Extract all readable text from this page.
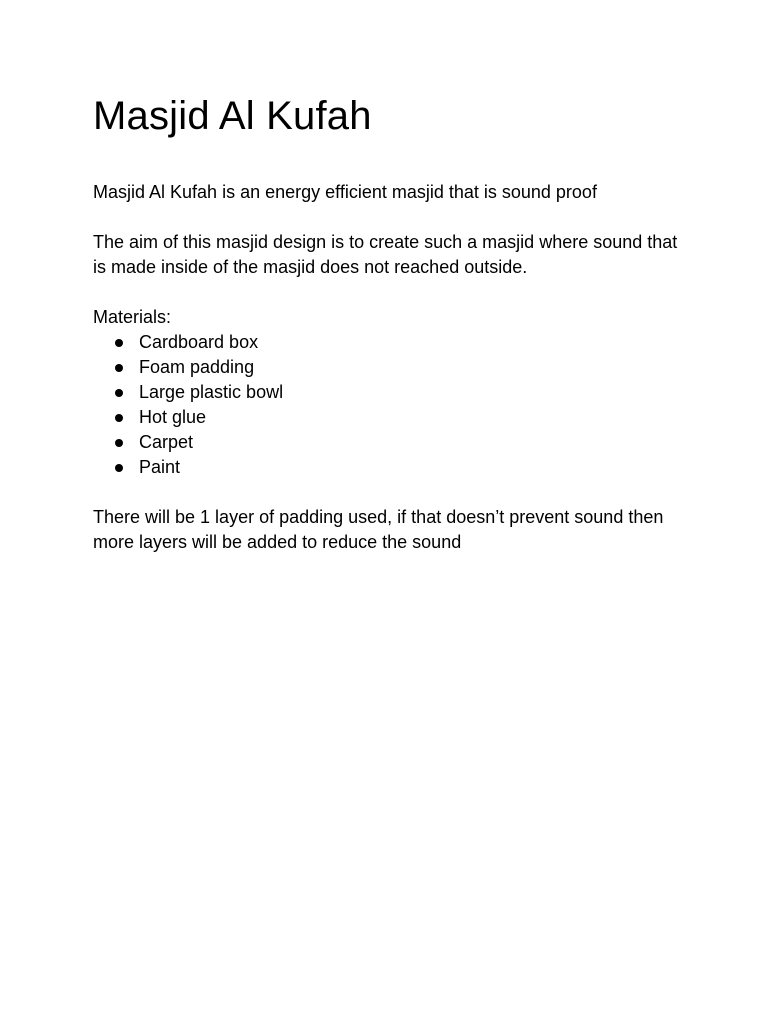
Masjid Al Kufah

Masjid Al Kufah is an energy efficient masjid that is sound proof

The aim of this masjid design is to create such a masjid where sound that is made inside of the masjid does not reached outside.

Materials:

Cardboard box
Foam padding
Large plastic bowl
Hot glue
Carpet
Paint

There will be 1 layer of padding used, if that doesn’t prevent sound then more layers will be added to reduce the sound
